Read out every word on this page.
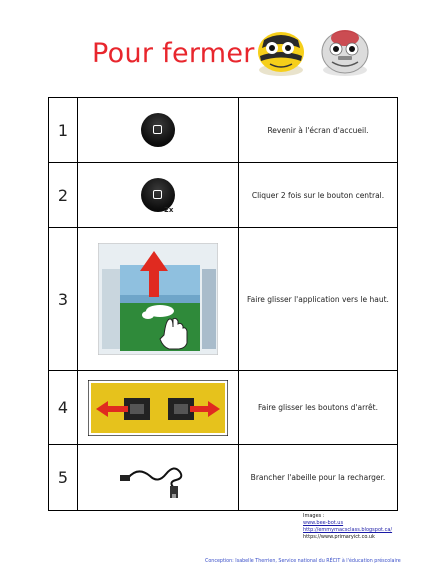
Pour fermer
1		Revenir à l'écran d'accueil.
2	2x	Cliquer 2 fois sur le bouton central.
3		Faire glisser l'application vers le haut.
4		Faire glisser les boutons d'arrêt.
5		Brancher l'abeille pour la recharger.
Images :
www.bee-bot.us
http://emmymacsclass.blogspot.ca/
https://www.primaryict.co.uk
Conception: Isabelle Therrien, Service national du RÉCIT à l'éducation préscolaire
